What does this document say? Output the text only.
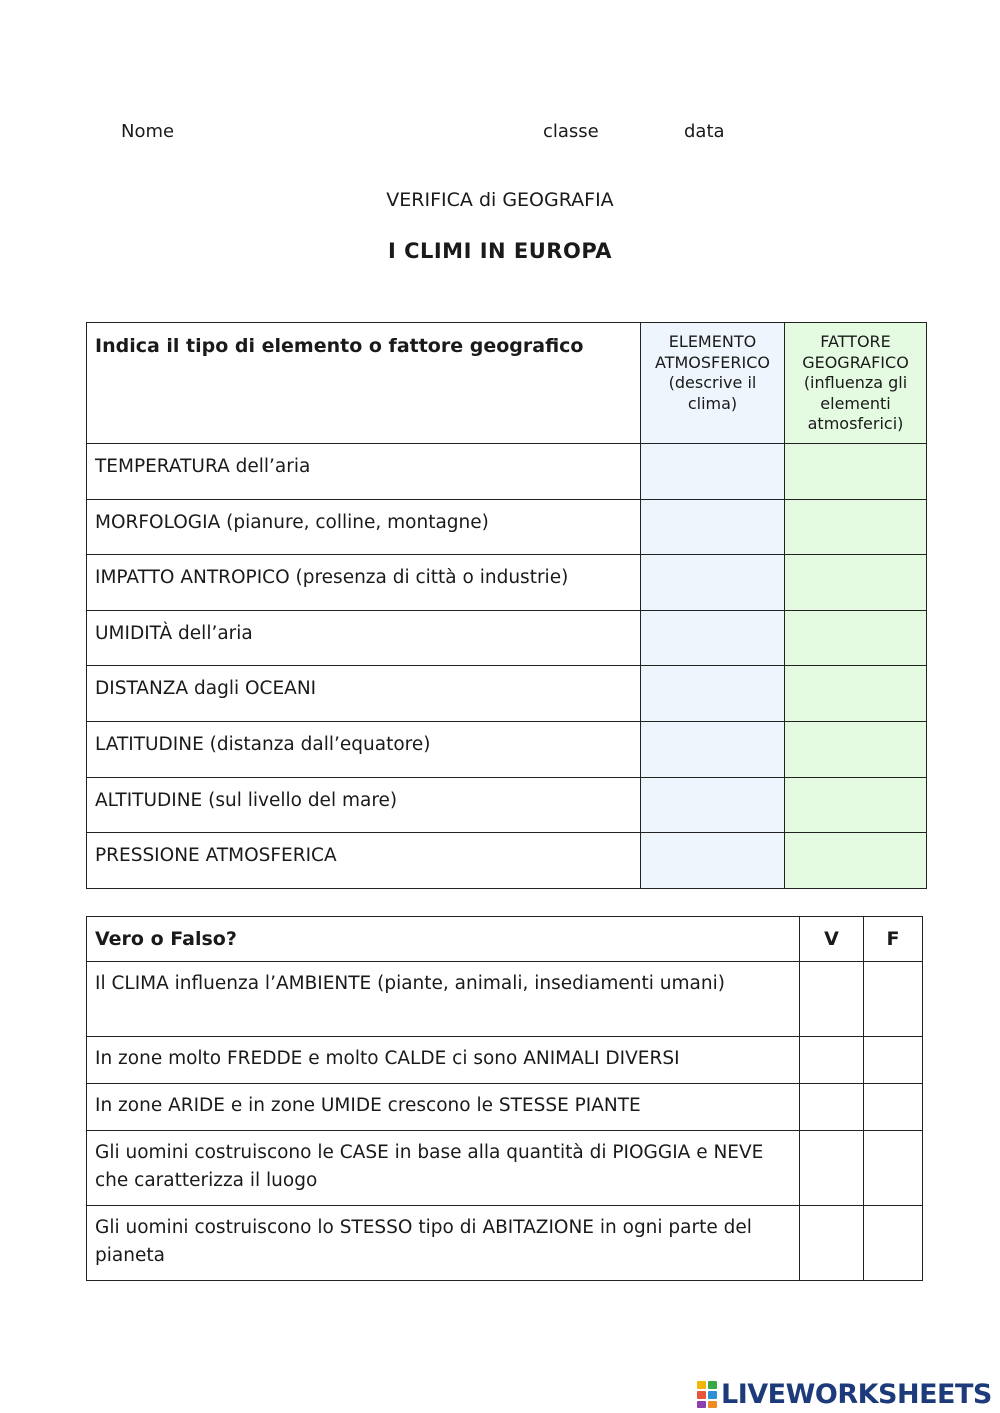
Nome	classe	data
VERIFICA di GEOGRAFIA
I CLIMI IN EUROPA
Indica il tipo di elemento o fattore geografico	ELEMENTO ATMOSFERICO (descrive il clima)	FATTORE GEOGRAFICO (influenza gli elementi atmosferici)
TEMPERATURA dell’aria		
MORFOLOGIA (pianure, colline, montagne)		
IMPATTO ANTROPICO (presenza di città o industrie)		
UMIDITÀ dell’aria		
DISTANZA dagli OCEANI		
LATITUDINE (distanza dall’equatore)		
ALTITUDINE (sul livello del mare)		
PRESSIONE ATMOSFERICA		
Vero o Falso?	V	F
Il CLIMA influenza l’AMBIENTE (piante, animali, insediamenti umani)		
In zone molto FREDDE e molto CALDE ci sono ANIMALI DIVERSI		
In zone ARIDE e in zone UMIDE crescono le STESSE PIANTE		
Gli uomini costruiscono le CASE in base alla quantità di PIOGGIA e NEVE che caratterizza il luogo		
Gli uomini costruiscono lo STESSO tipo di ABITAZIONE in ogni parte del pianeta		
LIVEWORKSHEETS
